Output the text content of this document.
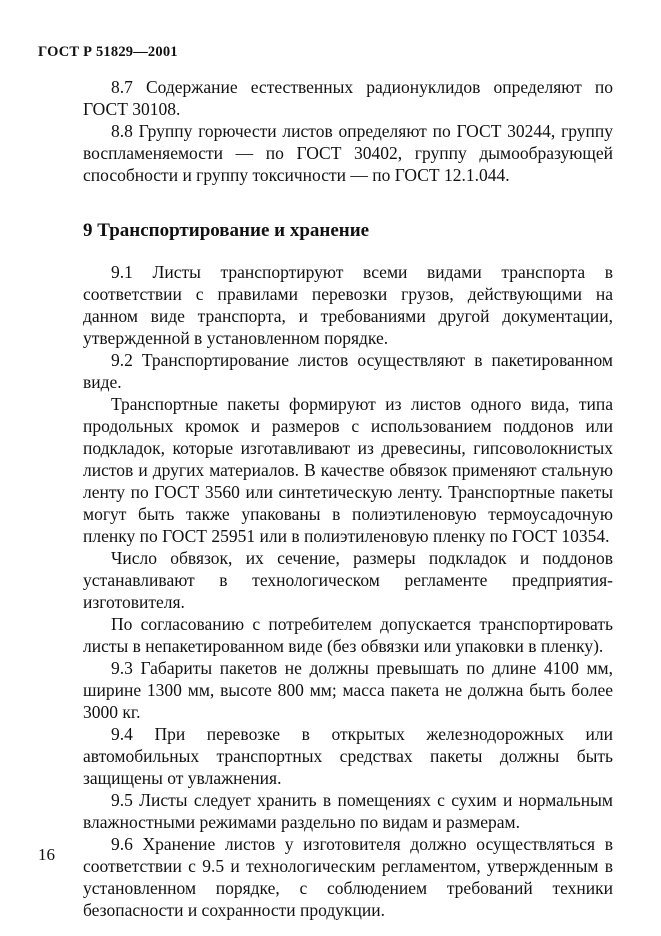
ГОСТ Р 51829—2001

8.7 Содержание естественных радионуклидов определяют по ГОСТ 30108.

8.8 Группу горючести листов определяют по ГОСТ 30244, группу воспламеняемости — по ГОСТ 30402, группу дымообразующей способности и группу токсичности — по ГОСТ 12.1.044.

9 Транспортирование и хранение

9.1 Листы транспортируют всеми видами транспорта в соответствии с правилами перевозки грузов, действующими на данном виде транспорта, и требованиями другой документации, утвержденной в установленном порядке.

9.2 Транспортирование листов осуществляют в пакетированном виде.

Транспортные пакеты формируют из листов одного вида, типа продольных кромок и размеров с использованием поддонов или подкладок, которые изготавливают из древесины, гипсоволокнистых листов и других материалов. В качестве обвязок применяют стальную ленту по ГОСТ 3560 или синтетическую ленту. Транспортные пакеты могут быть также упакованы в полиэтиленовую термоусадочную пленку по ГОСТ 25951 или в полиэтиленовую пленку по ГОСТ 10354.

Число обвязок, их сечение, размеры подкладок и поддонов устанавливают в технологическом регламенте предприятия-изготовителя.

По согласованию с потребителем допускается транспортировать листы в непакетированном виде (без обвязки или упаковки в пленку).

9.3 Габариты пакетов не должны превышать по длине 4100 мм, ширине 1300 мм, высоте 800 мм; масса пакета не должна быть более 3000 кг.

9.4 При перевозке в открытых железнодорожных или автомобильных транспортных средствах пакеты должны быть защищены от увлажнения.

9.5 Листы следует хранить в помещениях с сухим и нормальным влажностными режимами раздельно по видам и размерам.

9.6 Хранение листов у изготовителя должно осуществляться в соответствии с 9.5 и технологическим регламентом, утвержденным в установленном порядке, с соблюдением требований техники безопасности и сохранности продукции.

16
